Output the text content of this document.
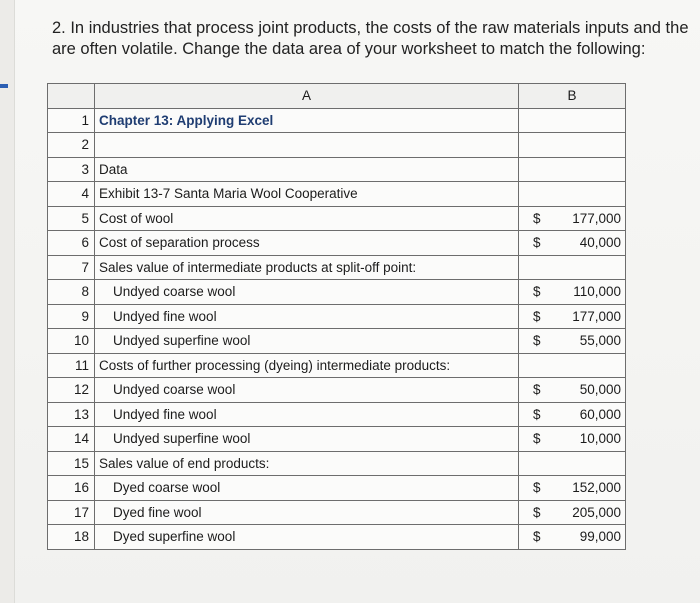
2. In industries that process joint products, the costs of the raw materials inputs and the
are often volatile. Change the data area of your worksheet to match the following:
	A	B
1	Chapter 13: Applying Excel	

2		

3	Data	

4	Exhibit 13-7 Santa Maria Wool Cooperative	

5	Cost of wool	$ 177,000

6	Cost of separation process	$ 40,000

7	Sales value of intermediate products at split-off point:	

8	Undyed coarse wool	$ 110,000

9	Undyed fine wool	$ 177,000

10	Undyed superfine wool	$ 55,000

11	Costs of further processing (dyeing) intermediate products:	

12	Undyed coarse wool	$ 50,000

13	Undyed fine wool	$ 60,000

14	Undyed superfine wool	$ 10,000

15	Sales value of end products:	

16	Dyed coarse wool	$ 152,000

17	Dyed fine wool	$ 205,000

18	Dyed superfine wool	$ 99,000
